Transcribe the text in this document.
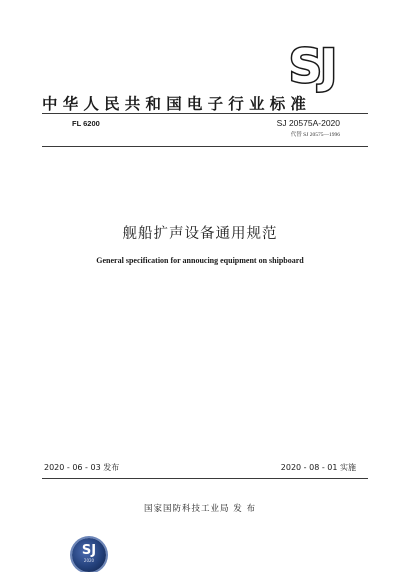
SJ
中华人民共和国电子行业标准
FL 6200	SJ 20575A-2020
代替 SJ 20575—1996
舰船扩声设备通用规范
General specification for annoucing equipment on shipboard
2020 - 06 - 03 发布	2020 - 08 - 01 实施
国家国防科技工业局 发 布
SJ
2020
